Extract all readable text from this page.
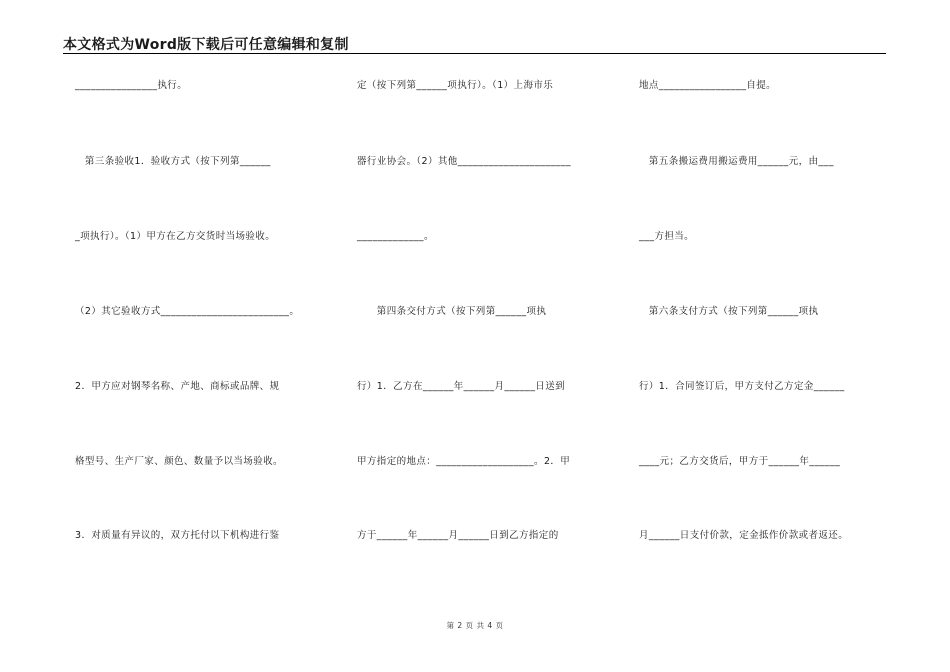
本文格式为Word版下载后可任意编辑和复制
________________执行。
　第三条验收1．验收方式（按下列第______
_项执行）。（1）甲方在乙方交货时当场验收。
（2）其它验收方式_________________________。
2．甲方应对钢琴名称、产地、商标或品牌、规
格型号、生产厂家、颜色、数量予以当场验收。
3．对质量有异议的，双方托付以下机构进行鉴
定（按下列第______项执行）。（1）上海市乐
器行业协会。（2）其他______________________
_____________。
　　第四条交付方式（按下列第______项执
行）1．乙方在______年______月______日送到
甲方指定的地点：___________________。2．甲
方于______年______月______日到乙方指定的
地点_________________自提。
　第五条搬运费用搬运费用______元，由___
___方担当。
　第六条支付方式（按下列第______项执
行）1．合同签订后，甲方支付乙方定金______
____元；乙方交货后，甲方于______年______
月______日支付价款，定金抵作价款或者返还。
第 2 页 共 4 页
